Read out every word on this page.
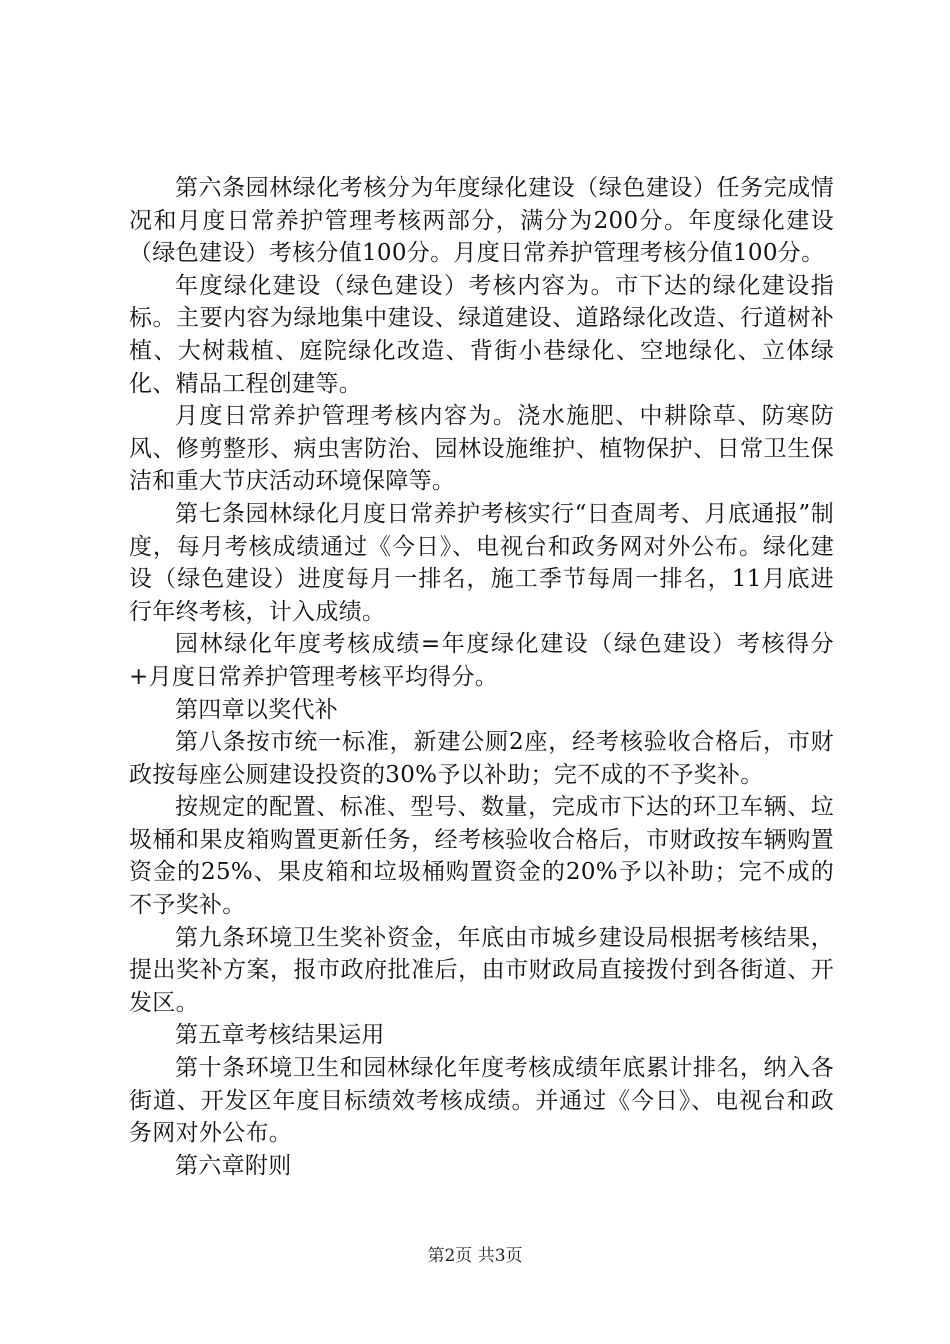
第六条园林绿化考核分为年度绿化建设（绿色建设）任务完成情况和月度日常养护管理考核两部分，满分为200分。年度绿化建设（绿色建设）考核分值100分。月度日常养护管理考核分值100分。

年度绿化建设（绿色建设）考核内容为。市下达的绿化建设指标。主要内容为绿地集中建设、绿道建设、道路绿化改造、行道树补植、大树栽植、庭院绿化改造、背街小巷绿化、空地绿化、立体绿化、精品工程创建等。

月度日常养护管理考核内容为。浇水施肥、中耕除草、防寒防风、修剪整形、病虫害防治、园林设施维护、植物保护、日常卫生保洁和重大节庆活动环境保障等。

第七条园林绿化月度日常养护考核实行“日查周考、月底通报”制度，每月考核成绩通过《今日》、电视台和政务网对外公布。绿化建设（绿色建设）进度每月一排名，施工季节每周一排名，11月底进行年终考核，计入成绩。

园林绿化年度考核成绩=年度绿化建设（绿色建设）考核得分+月度日常养护管理考核平均得分。

第四章以奖代补

第八条按市统一标准，新建公厕2座，经考核验收合格后，市财政按每座公厕建设投资的30%予以补助；完不成的不予奖补。

按规定的配置、标准、型号、数量，完成市下达的环卫车辆、垃圾桶和果皮箱购置更新任务，经考核验收合格后，市财政按车辆购置资金的25%、果皮箱和垃圾桶购置资金的20%予以补助；完不成的不予奖补。

第九条环境卫生奖补资金，年底由市城乡建设局根据考核结果，提出奖补方案，报市政府批准后，由市财政局直接拨付到各街道、开发区。

第五章考核结果运用

第十条环境卫生和园林绿化年度考核成绩年底累计排名，纳入各街道、开发区年度目标绩效考核成绩。并通过《今日》、电视台和政务网对外公布。

第六章附则

第2页 共3页
